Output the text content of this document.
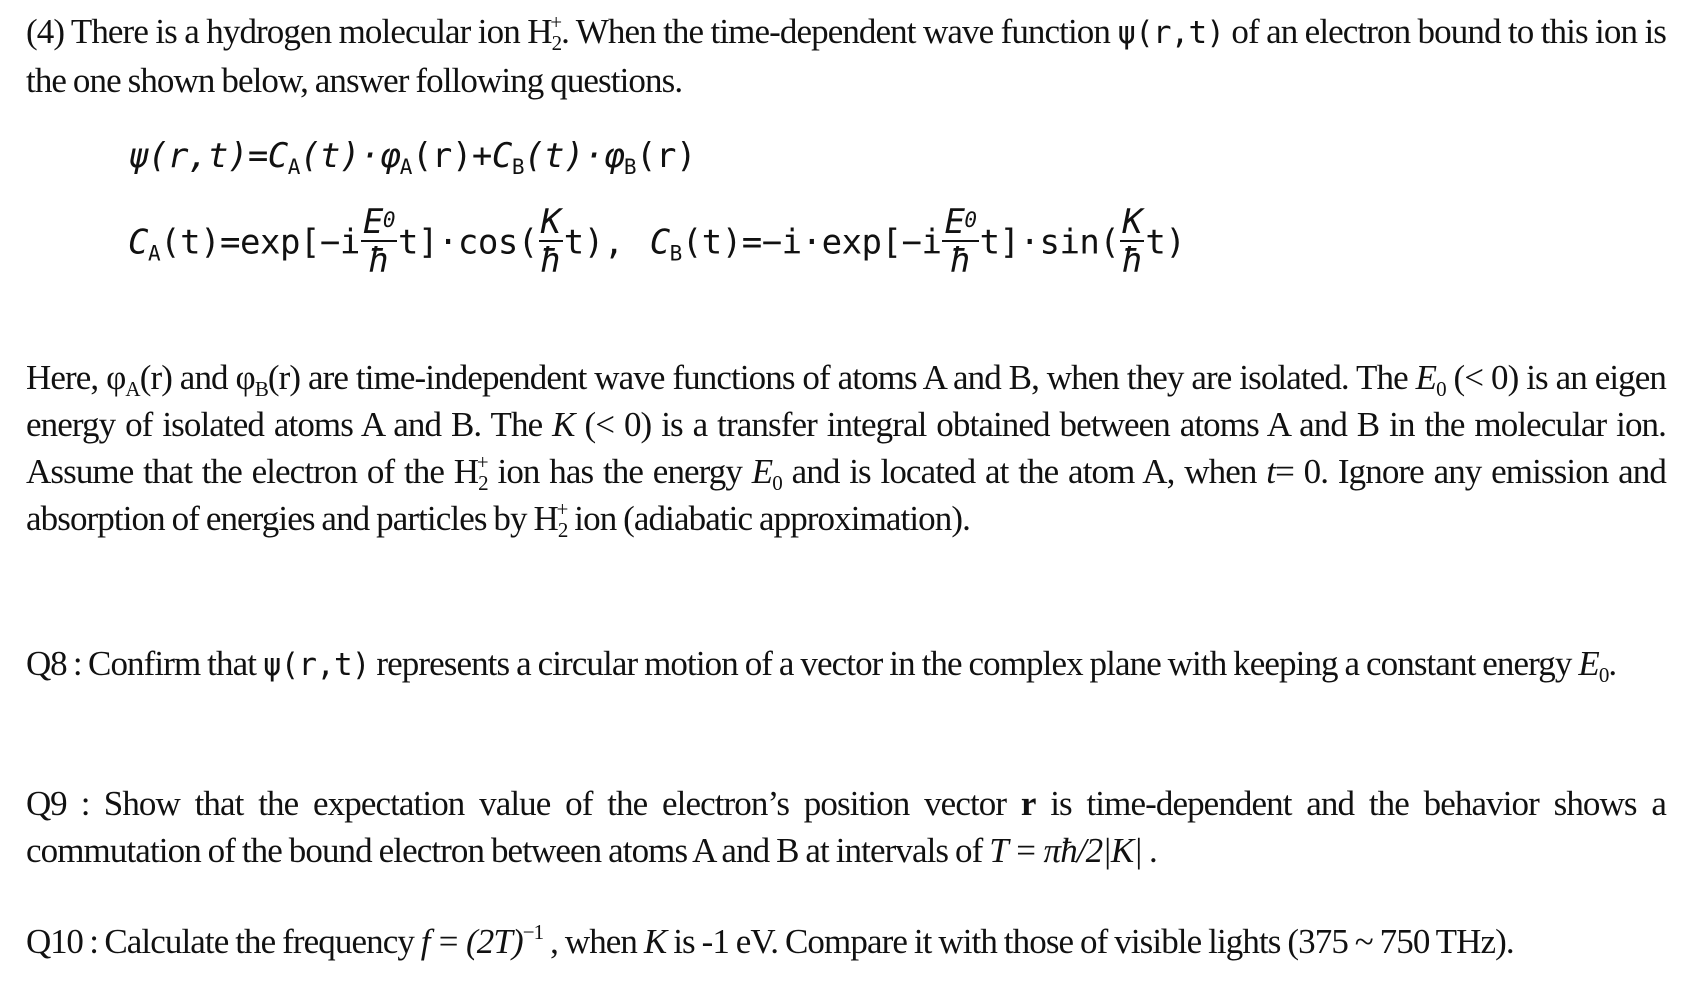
(4) There is a hydrogen molecular ion $H_2^+$. When the time-dependent wave function ψ(r,t) of an electron bound to this ion is the one shown below, answer following questions.
$\psi(r,t)=C_A(t)\cdot\varphi_A(r)+C_B(t)\cdot\varphi_B(r)$
$C_A(t)=\exp[-i \frac{E_0}{ħ} t]\cdot\cos( \frac{K}{ħ} t)$, $C_B(t)=-i\cdot\exp[-i \frac{E_0}{ħ} t]\cdot\sin( \frac{K}{ħ} t)$
Here, $\varphi_A(r)$ and $\varphi_B(r)$ are time-independent wave functions of atoms A and B, when they are isolated. The $E_0$ (< 0) is an eigen energy of isolated atoms A and B. The K (< 0) is a transfer integral obtained between atoms A and B in the molecular ion. Assume that the electron of the $H_2^+$ ion has the energy $E_0$ and is located at the atom A, when t= 0. Ignore any emission and absorption of energies and particles by $H_2^+$ ion (adiabatic approximation).
Q8 : Confirm that ψ(r,t) represents a circular motion of a vector in the complex plane with keeping a constant energy $E_0$.
Q9 : Show that the expectation value of the electron’s position vector r is time-dependent and the behavior shows a commutation of the bound electron between atoms A and B at intervals of T = πħ/2|K| .
Q10 : Calculate the frequency $f = (2T)^{-1}$ , when K is -1 eV. Compare it with those of visible lights (375 ~ 750 THz).
